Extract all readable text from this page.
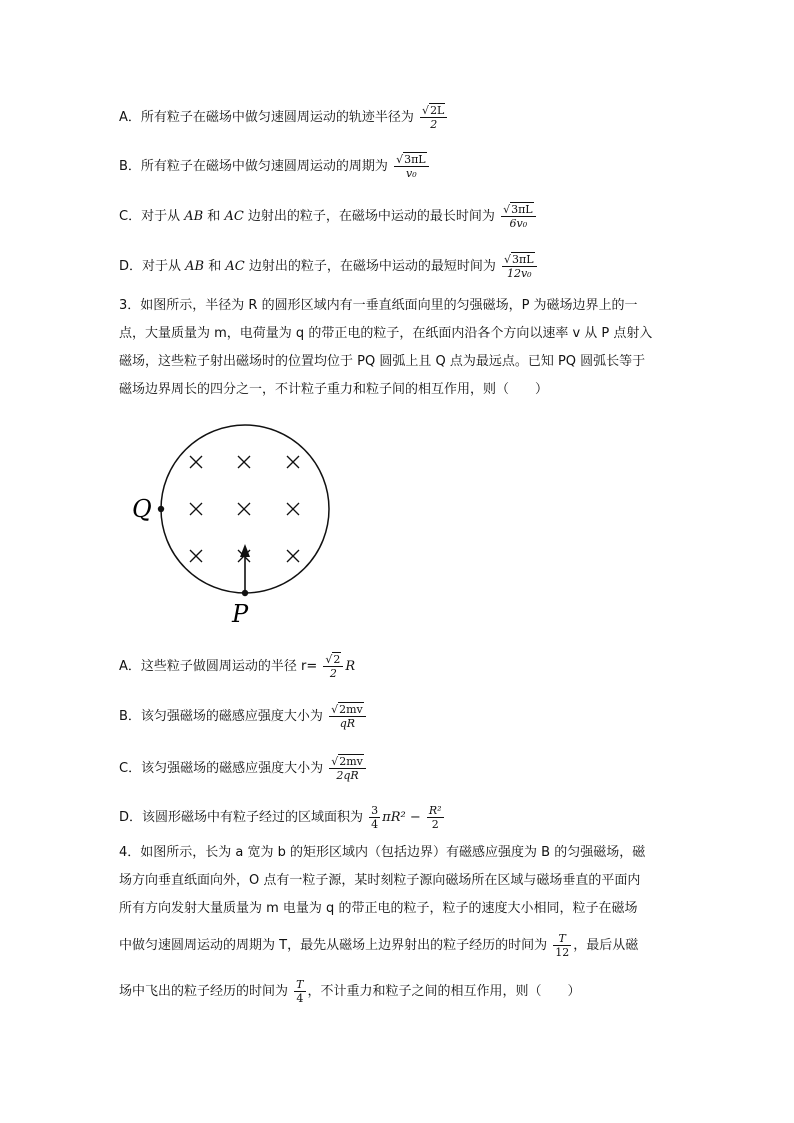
A．所有粒子在磁场中做匀速圆周运动的轨迹半径为 $\frac{√2L}{2}$
B．所有粒子在磁场中做匀速圆周运动的周期为 $\frac{√3\pi L}{\text{v₀}}$
C．对于从 AB 和 AC 边射出的粒子，在磁场中运动的最长时间为 $\frac{√3\pi L}{\text{6v₀}}$
D．对于从 AB 和 AC 边射出的粒子，在磁场中运动的最短时间为 $\frac{√3\pi L}{\text{12v₀}}$
3．如图所示，半径为 R 的圆形区域内有一垂直纸面向里的匀强磁场，P 为磁场边界上的一
点，大量质量为 m，电荷量为 q 的带正电的粒子，在纸面内沿各个方向以速率 v 从 P 点射入
磁场，这些粒子射出磁场时的位置均位于 PQ 圆弧上且 Q 点为最远点。已知 PQ 圆弧长等于
磁场边界周长的四分之一，不计粒子重力和粒子间的相互作用，则（　　）
Q
P
A．这些粒子做圆周运动的半径 $r= \frac{√2}{2}$ R
B．该匀强磁场的磁感应强度大小为 $\frac{√2mv}{qR}$
C．该匀强磁场的磁感应强度大小为 $\frac{√2mv}{2qR}$
D．该圆形磁场中有粒子经过的区域面积为 $\frac{3}{4} \pi R^2 - \frac{\text{R²}}{2}$
4．如图所示，长为 a 宽为 b 的矩形区域内（包括边界）有磁感应强度为 B 的匀强磁场，磁
场方向垂直纸面向外，O 点有一粒子源，某时刻粒子源向磁场所在区域与磁场垂直的平面内
所有方向发射大量质量为 m 电量为 q 的带正电的粒子，粒子的速度大小相同，粒子在磁场
中做匀速圆周运动的周期为 T，最先从磁场上边界射出的粒子经历的时间为 $\frac{T}{12}$ ，最后从磁
场中飞出的粒子经历的时间为 $\frac{T}{4}$ ，不计重力和粒子之间的相互作用，则（　　）
